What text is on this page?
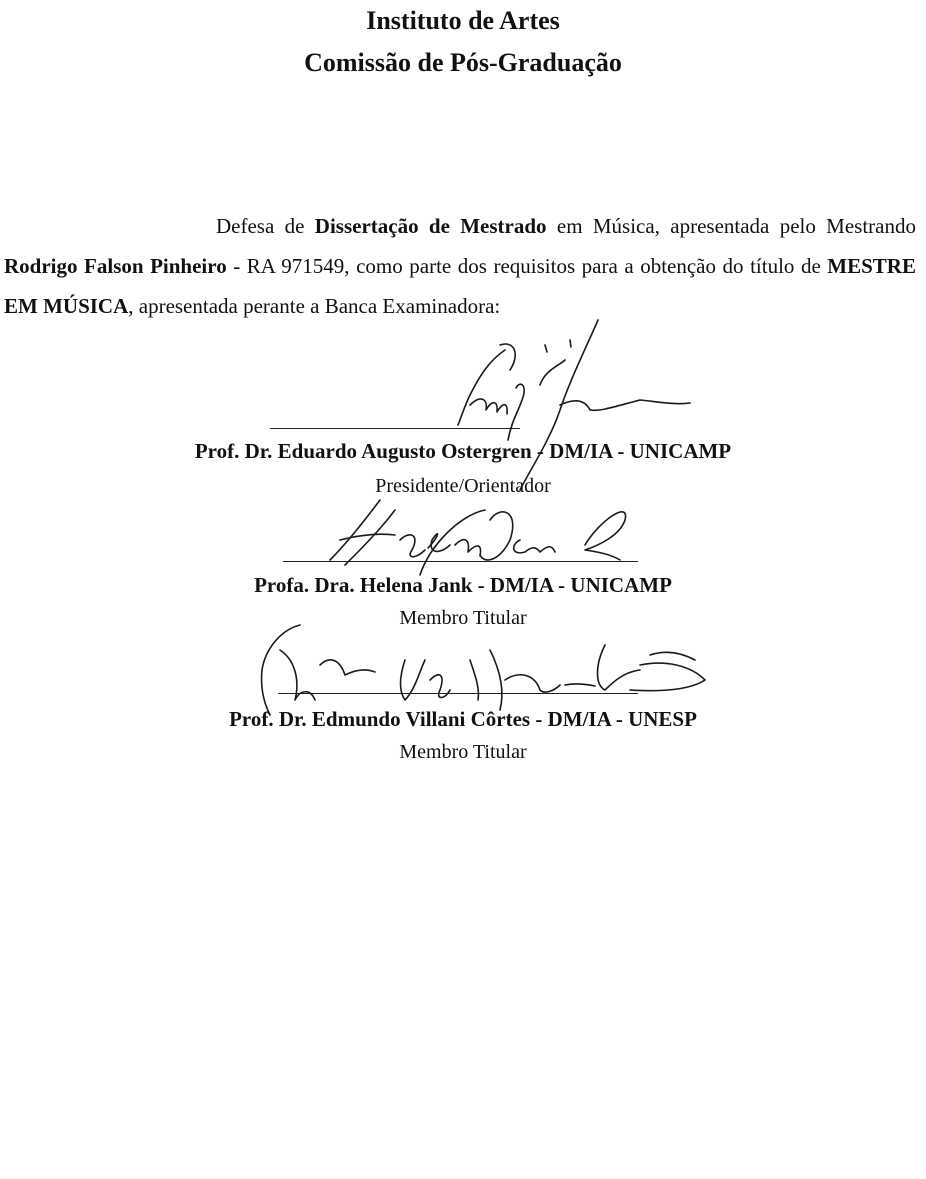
Instituto de Artes
Comissão de Pós-Graduação
Defesa de Dissertação de Mestrado em Música, apresentada pelo Mestrando Rodrigo Falson Pinheiro - RA 971549, como parte dos requisitos para a obtenção do título de MESTRE EM MÚSICA, apresentada perante a Banca Examinadora:
Prof. Dr. Eduardo Augusto Ostergren - DM/IA - UNICAMP
Presidente/Orientador
Profa. Dra. Helena Jank - DM/IA - UNICAMP
Membro Titular
Prof. Dr. Edmundo Villani Côrtes - DM/IA - UNESP
Membro Titular
